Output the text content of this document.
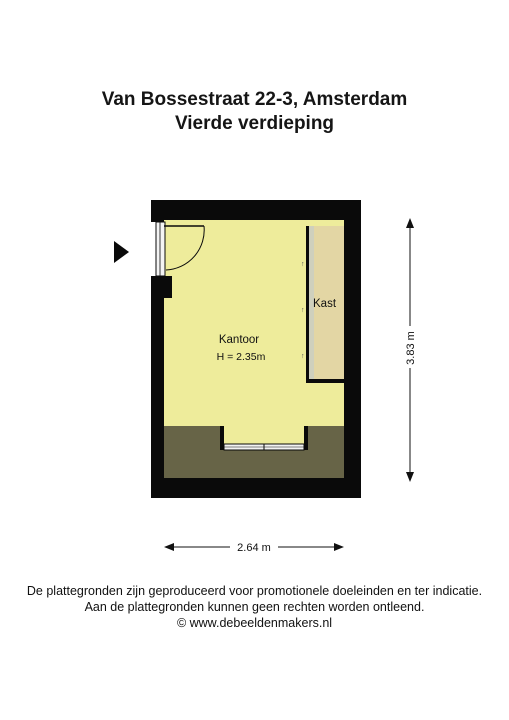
Van Bossestraat 22-3, Amsterdam
Vierde verdieping
↑
↑
↑
Kantoor
H = 2.35m
Kast
3.83 m
2.64 m
De plattegronden zijn geproduceerd voor promotionele doeleinden en ter indicatie.
Aan de plattegronden kunnen geen rechten worden ontleend.
© www.debeeldenmakers.nl
